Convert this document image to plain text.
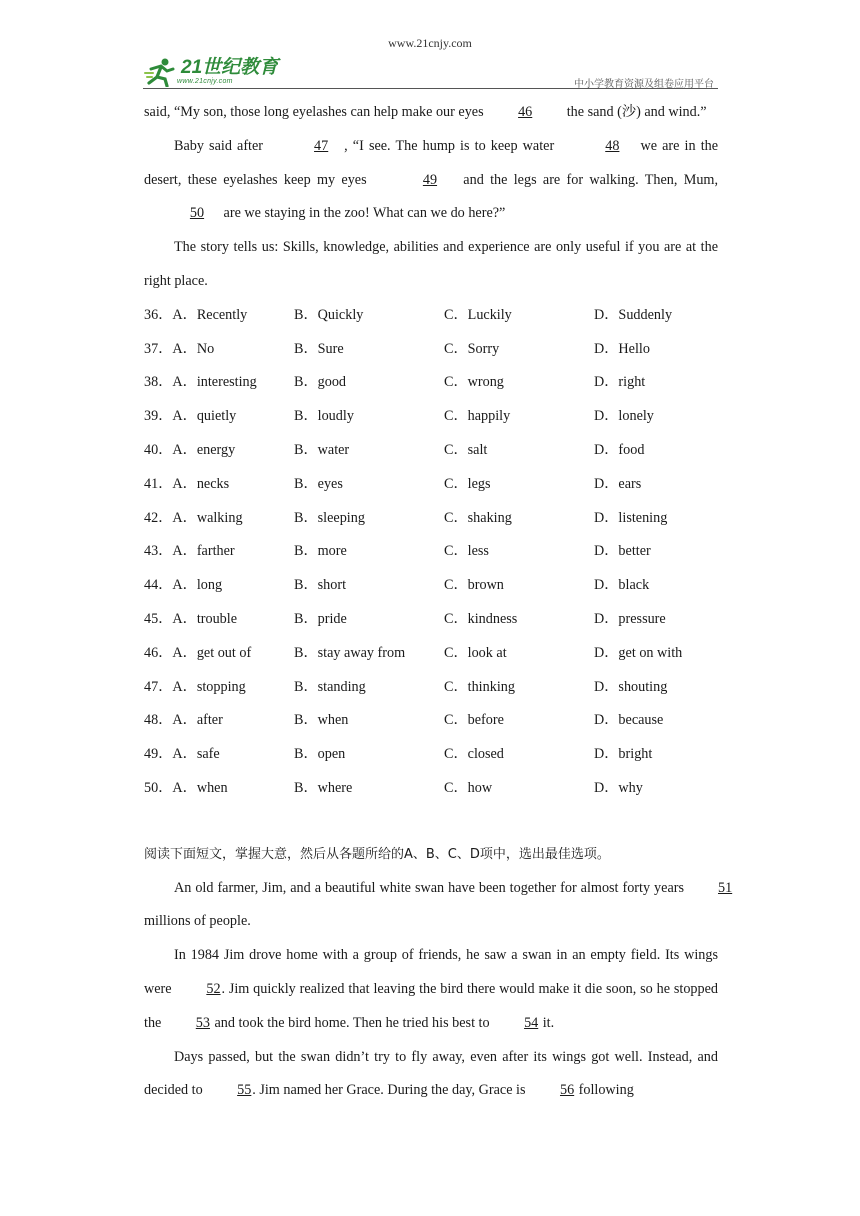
www.21cnjy.com
21世纪教育
www.21cnjy.com	中小学教育资源及组卷应用平台

said, “My son, those long eyelashes can help make our eyes 46 the sand (沙) and wind.”

Baby said after	47 , “I see. The hump is to keep water	48 we are in the desert, these eyelashes keep my eyes	49 and the legs are for walking. Then, Mum, 50 are we staying in the zoo! What can we do here?”

The story tells us: Skills, knowledge, abilities and experience are only useful if you are at the right place.

36．A．Recently	B．Quickly	C．Luckily	D．Suddenly
37．A．No	B．Sure	C．Sorry	D．Hello
38．A．interesting	B．good	C．wrong	D．right
39．A．quietly	B．loudly	C．happily	D．lonely
40．A．energy	B．water	C．salt	D．food
41．A．necks	B．eyes	C．legs	D．ears
42．A．walking	B．sleeping	C．shaking	D．listening
43．A．farther	B．more	C．less	D．better
44．A．long	B．short	C．brown	D．black
45．A．trouble	B．pride	C．kindness	D．pressure
46．A．get out of	B．stay away from	C．look at	D．get on with
47．A．stopping	B．standing	C．thinking	D．shouting
48．A．after	B．when	C．before	D．because
49．A．safe	B．open	C．closed	D．bright
50．A．when	B．where	C．how	D．why

阅读下面短文，掌握大意，然后从各题所给的A、B、C、D项中，选出最佳选项。

An old farmer, Jim, and a beautiful white swan have been together for almost forty years 51 millions of people.

In 1984 Jim drove home with a group of friends, he saw a swan in an empty field. Its wings were 52. Jim quickly realized that leaving the bird there would make it die soon, so he stopped the 53 and took the bird home. Then he tried his best to 54 it.

Days passed, but the swan didn’t try to fly away, even after its wings got well. Instead, and decided to 55. Jim named her Grace. During the day, Grace is 56 following
